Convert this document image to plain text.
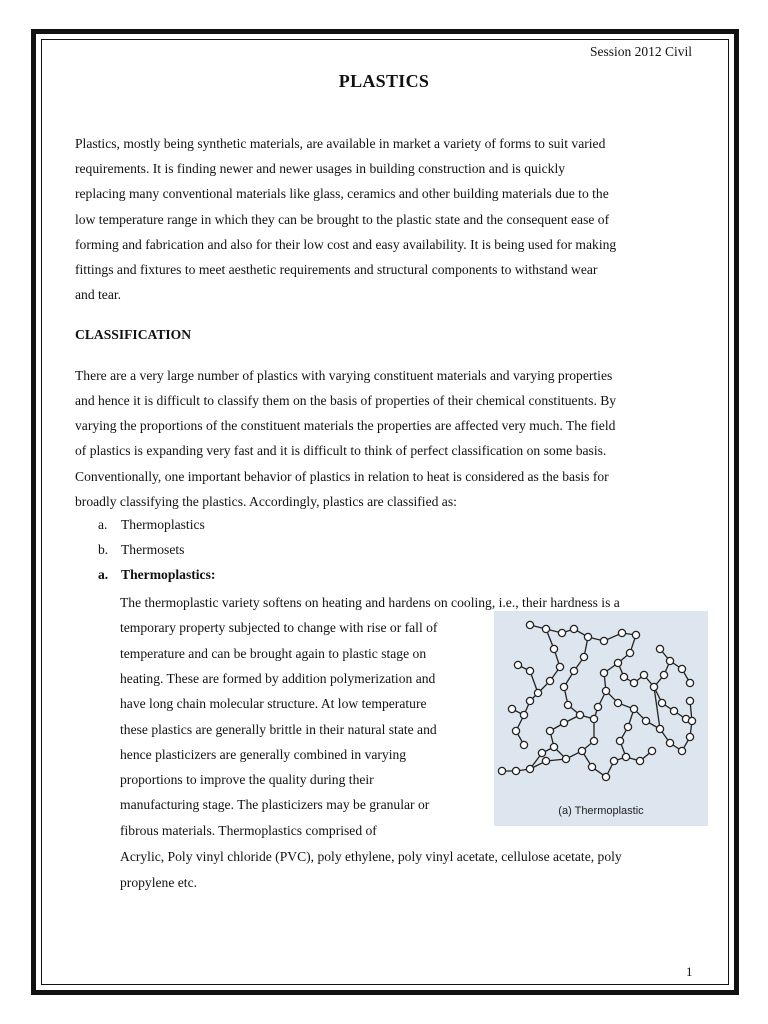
Session 2012 Civil
PLASTICS

Plastics, mostly being synthetic materials, are available in market a variety of forms to suit varied

requirements. It is finding newer and newer usages in building construction and is quickly

replacing many conventional materials like glass, ceramics and other building materials due to the

low temperature range in which they can be brought to the plastic state and the consequent ease of

forming and fabrication and also for their low cost and easy availability. It is being used for making

fittings and fixtures to meet aesthetic requirements and structural components to withstand wear

and tear.

CLASSIFICATION

There are a very large number of plastics with varying constituent materials and varying properties

and hence it is difficult to classify them on the basis of properties of their chemical constituents. By

varying the proportions of the constituent materials the properties are affected very much. The field

of plastics is expanding very fast and it is difficult to think of perfect classification on some basis.

Conventionally, one important behavior of plastics in relation to heat is considered as the basis for

broadly classifying the plastics. Accordingly, plastics are classified as:

a. Thermoplastics
b. Thermosets
a. Thermoplastics:

The thermoplastic variety softens on heating and hardens on cooling, i.e., their hardness is a

temporary property subjected to change with rise or fall of

temperature and can be brought again to plastic stage on

heating. These are formed by addition polymerization and

have long chain molecular structure. At low temperature

these plastics are generally brittle in their natural state and

hence plasticizers are generally combined in varying

proportions to improve the quality during their

manufacturing stage. The plasticizers may be granular or

fibrous materials. Thermoplastics comprised of

Acrylic, Poly vinyl chloride (PVC), poly ethylene, poly vinyl acetate, cellulose acetate, poly

propylene etc.

(a) Thermoplastic
1
